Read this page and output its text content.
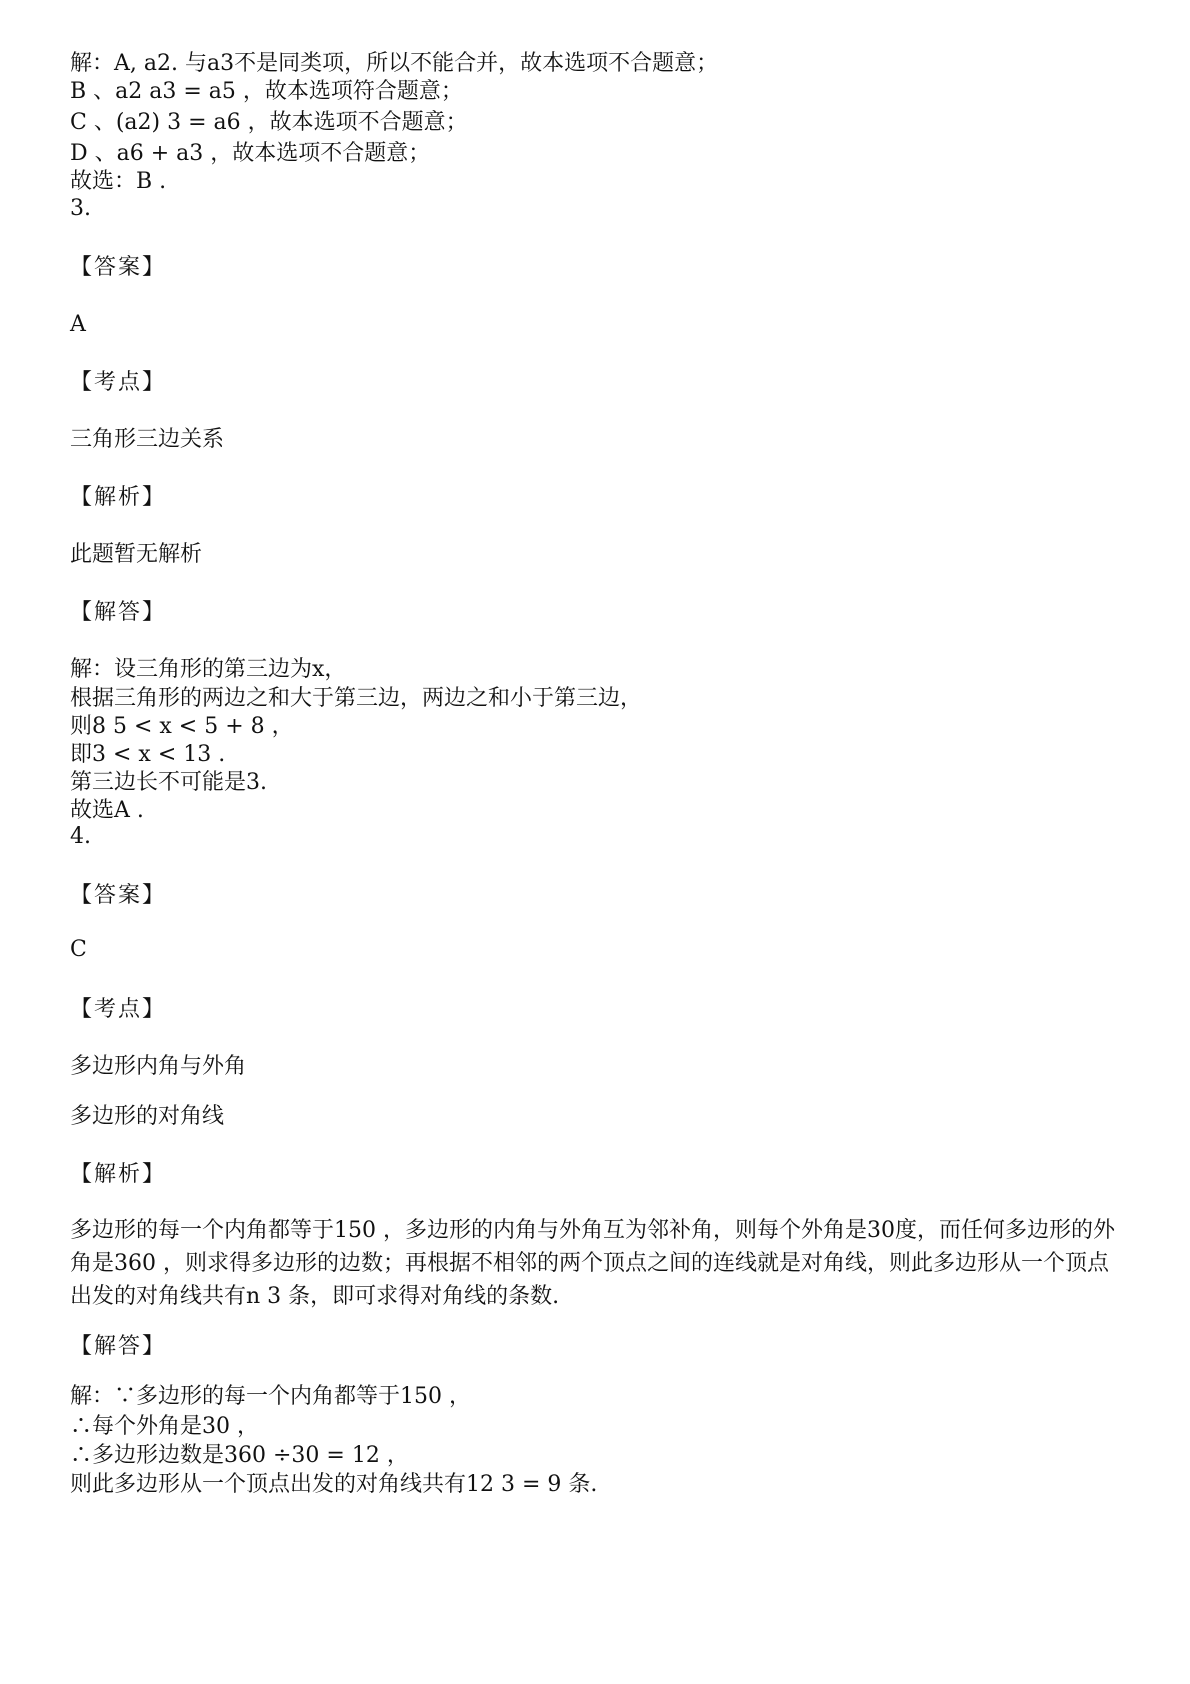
解：A, a2. 与a3不是同类项，所以不能合并，故本选项不合题意；
B 、a2 a3 = a5 ，故本选项符合题意；
C 、(a2) 3 = a6 ，故本选项不合题意；
D 、a6 + a3 ，故本选项不合题意；
故选：B .
3.
【答案】
A
【考点】
三角形三边关系
【解析】
此题暂无解析
【解答】
解：设三角形的第三边为x，
根据三角形的两边之和大于第三边，两边之和小于第三边，
则8 5 < x < 5 + 8 ，
即3 < x < 13 .
第三边长不可能是3.
故选A .
4.
【答案】
C
【考点】
多边形内角与外角
多边形的对角线
【解析】
多边形的每一个内角都等于150 ，多边形的内角与外角互为邻补角，则每个外角是30度，而任何多边形的外角是360 ，则求得多边形的边数；再根据不相邻的两个顶点之间的连线就是对角线，则此多边形从一个顶点出发的对角线共有n 3 条，即可求得对角线的条数.
【解答】
解：∵多边形的每一个内角都等于150 ，
∴每个外角是30 ，
∴多边形边数是360 ÷30 = 12 ，
则此多边形从一个顶点出发的对角线共有12 3 = 9 条.
